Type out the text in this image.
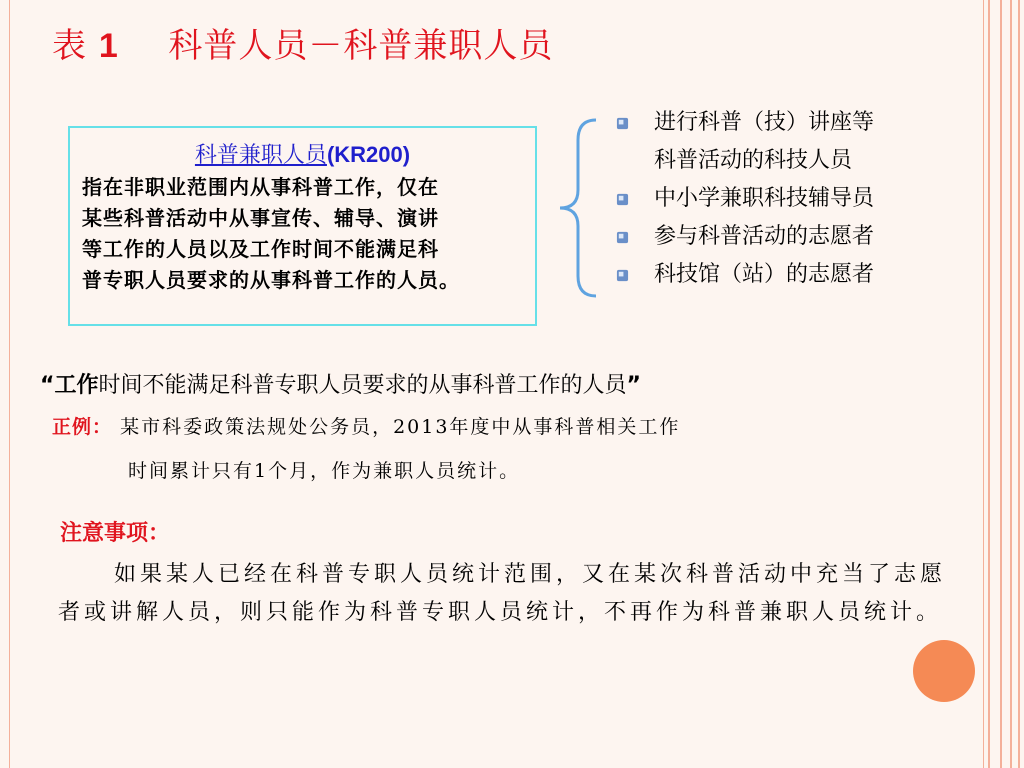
表 1 科普人员－科普兼职人员
科普兼职人员(KR200)
指在非职业范围内从事科普工作，仅在
某些科普活动中从事宣传、辅导、演讲
等工作的人员以及工作时间不能满足科
普专职人员要求的从事科普工作的人员。
进行科普（技）讲座等
科普活动的科技人员
中小学兼职科技辅导员
参与科普活动的志愿者
科技馆（站）的志愿者
“工作时间不能满足科普专职人员要求的从事科普工作的人员”
正例： 某市科委政策法规处公务员，2013年度中从事科普相关工作
时间累计只有1个月，作为兼职人员统计。
注意事项：
如果某人已经在科普专职人员统计范围，又在某次科普活动中充当了志愿者或讲解人员，则只能作为科普专职人员统计，不再作为科普兼职人员统计。
